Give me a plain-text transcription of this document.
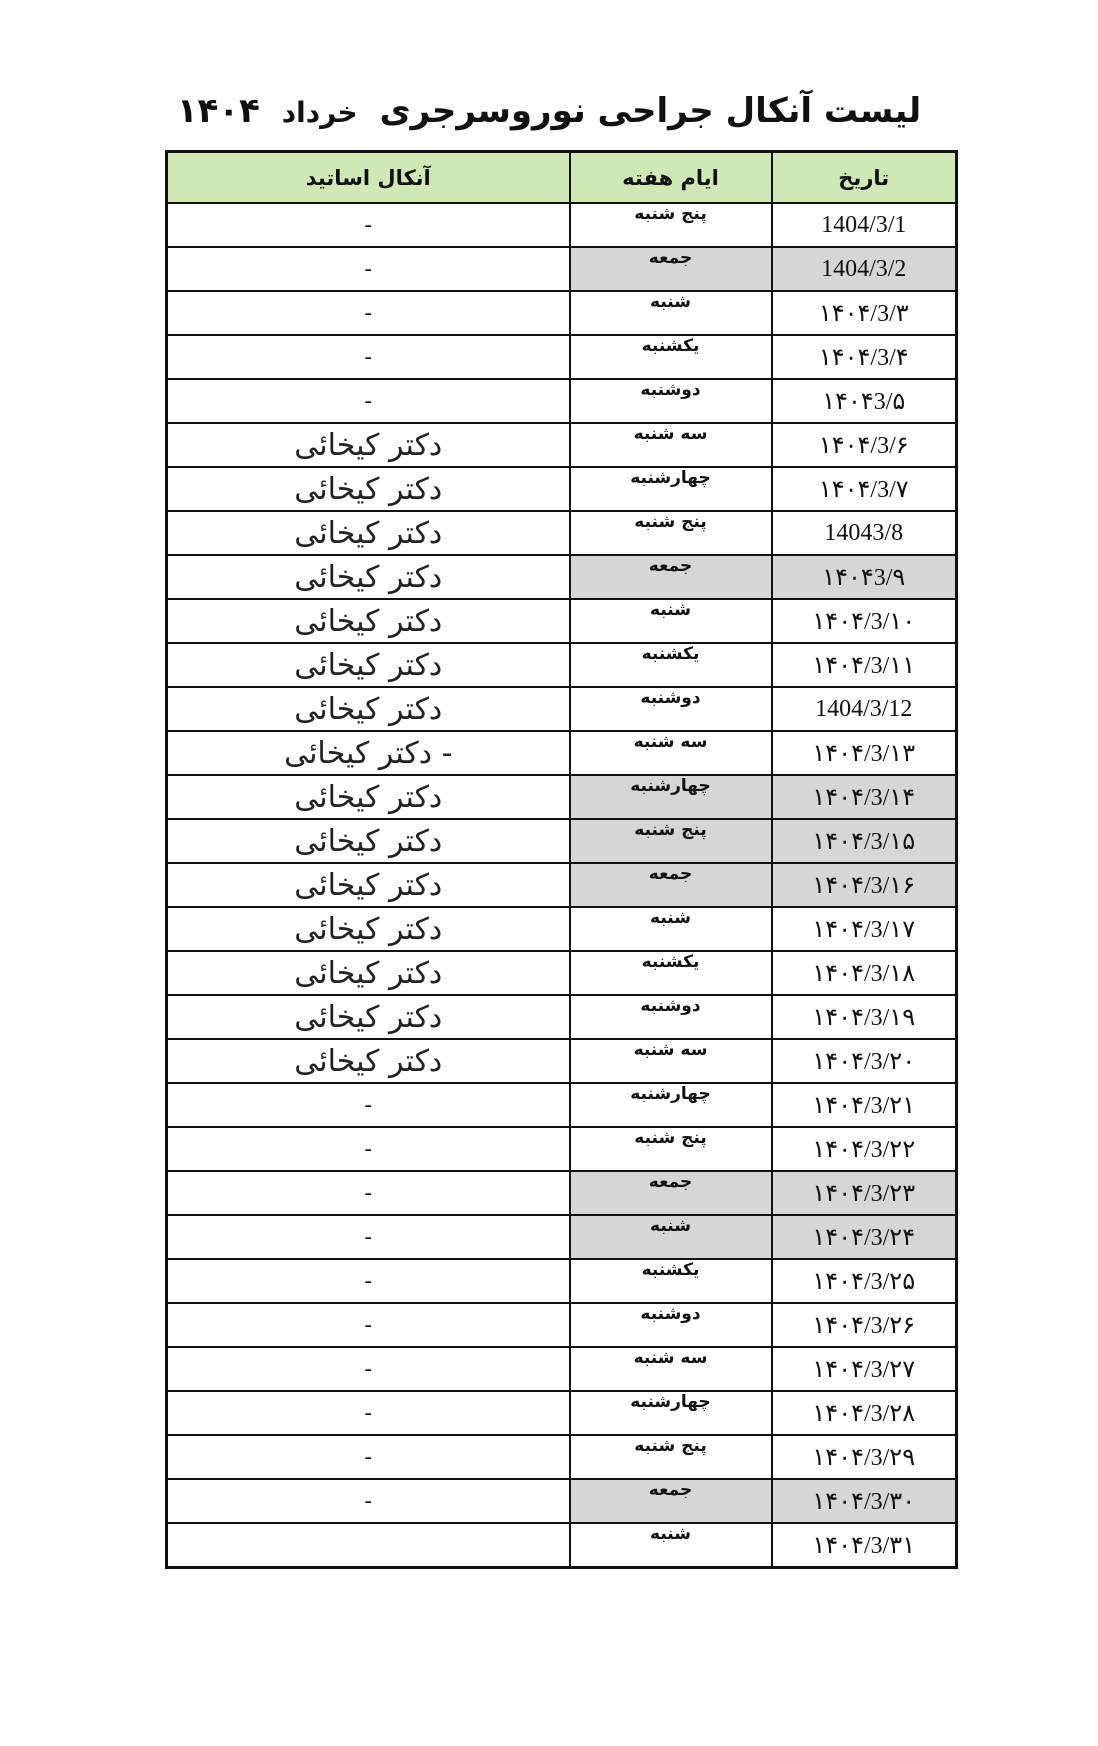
لیست آنکال جراحی نوروسرجری خرداد ۱۴۰۴
تاریخ	ایام هفته	آنکال اساتید
1404/3/1	پنج شنبه	-
1404/3/2	جمعه	-
۱۴۰۴/3/۳	شنبه	-
۱۴۰۴/3/۴	یکشنبه	-
۱۴۰۴3/۵	دوشنبه	-
۱۴۰۴/3/۶	سه شنبه	دکتر کیخائی
۱۴۰۴/3/۷	چهارشنبه	دکتر کیخائی
14043/8	پنج شنبه	دکتر کیخائی
۱۴۰۴3/۹	جمعه	دکتر کیخائی
۱۴۰۴/3/۱۰	شنبه	دکتر کیخائی
۱۴۰۴/3/۱۱	یکشنبه	دکتر کیخائی
1404/3/12	دوشنبه	دکتر کیخائی
۱۴۰۴/3/۱۳	سه شنبه	- دکتر کیخائی
۱۴۰۴/3/۱۴	چهارشنبه	دکتر کیخائی
۱۴۰۴/3/۱۵	پنج شنبه	دکتر کیخائی
۱۴۰۴/3/۱۶	جمعه	دکتر کیخائی
۱۴۰۴/3/۱۷	شنبه	دکتر کیخائی
۱۴۰۴/3/۱۸	یکشنبه	دکتر کیخائی
۱۴۰۴/3/۱۹	دوشنبه	دکتر کیخائی
۱۴۰۴/3/۲۰	سه شنبه	دکتر کیخائی
۱۴۰۴/3/۲۱	چهارشنبه	-
۱۴۰۴/3/۲۲	پنج شنبه	-
۱۴۰۴/3/۲۳	جمعه	-
۱۴۰۴/3/۲۴	شنبه	-
۱۴۰۴/3/۲۵	یکشنبه	-
۱۴۰۴/3/۲۶	دوشنبه	-
۱۴۰۴/3/۲۷	سه شنبه	-
۱۴۰۴/3/۲۸	چهارشنبه	-
۱۴۰۴/3/۲۹	پنج شنبه	-
۱۴۰۴/3/۳۰	جمعه	-
۱۴۰۴/3/۳۱	شنبه	
